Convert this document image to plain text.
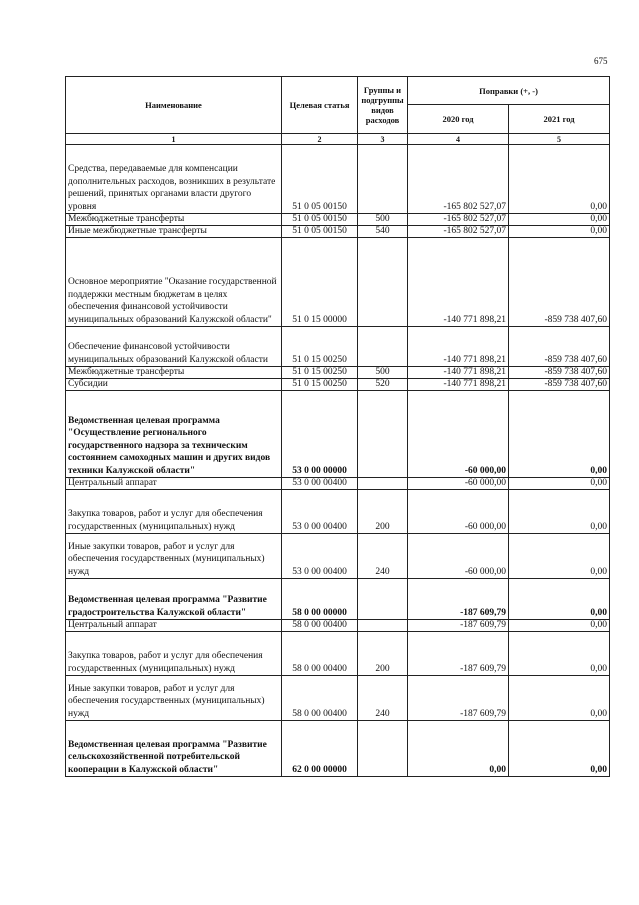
675
Наименование	Целевая статья	Группы и подгруппы видов расходов	Поправки (+, -)	
			2020 год	2021 год
1	2	3	4	5
Средства, передаваемые для компенсации дополнительных расходов, возникших в результате решений, принятых органами власти другого уровня	51 0 05 00150		-165 802 527,07	0,00
Межбюджетные трансферты	51 0 05 00150	500	-165 802 527,07	0,00
Иные межбюджетные трансферты	51 0 05 00150	540	-165 802 527,07	0,00
Основное мероприятие "Оказание государственной поддержки местным бюджетам в целях обеспечения финансовой устойчивости муниципальных образований Калужской области"	51 0 15 00000		-140 771 898,21	-859 738 407,60
Обеспечение финансовой устойчивости муниципальных образований Калужской области	51 0 15 00250		-140 771 898,21	-859 738 407,60
Межбюджетные трансферты	51 0 15 00250	500	-140 771 898,21	-859 738 407,60
Субсидии	51 0 15 00250	520	-140 771 898,21	-859 738 407,60
Ведомственная целевая программа "Осуществление регионального государственного надзора за техническим состоянием самоходных машин и других видов техники Калужской области"	53 0 00 00000		-60 000,00	0,00
Центральный аппарат	53 0 00 00400		-60 000,00	0,00
Закупка товаров, работ и услуг для обеспечения государственных (муниципальных) нужд	53 0 00 00400	200	-60 000,00	0,00
Иные закупки товаров, работ и услуг для обеспечения государственных (муниципальных) нужд	53 0 00 00400	240	-60 000,00	0,00
Ведомственная целевая программа "Развитие градостроительства Калужской области"	58 0 00 00000		-187 609,79	0,00
Центральный аппарат	58 0 00 00400		-187 609,79	0,00
Закупка товаров, работ и услуг для обеспечения государственных (муниципальных) нужд	58 0 00 00400	200	-187 609,79	0,00
Иные закупки товаров, работ и услуг для обеспечения государственных (муниципальных) нужд	58 0 00 00400	240	-187 609,79	0,00
Ведомственная целевая программа "Развитие сельскохозяйственной потребительской кооперации в Калужской области"	62 0 00 00000		0,00	0,00
